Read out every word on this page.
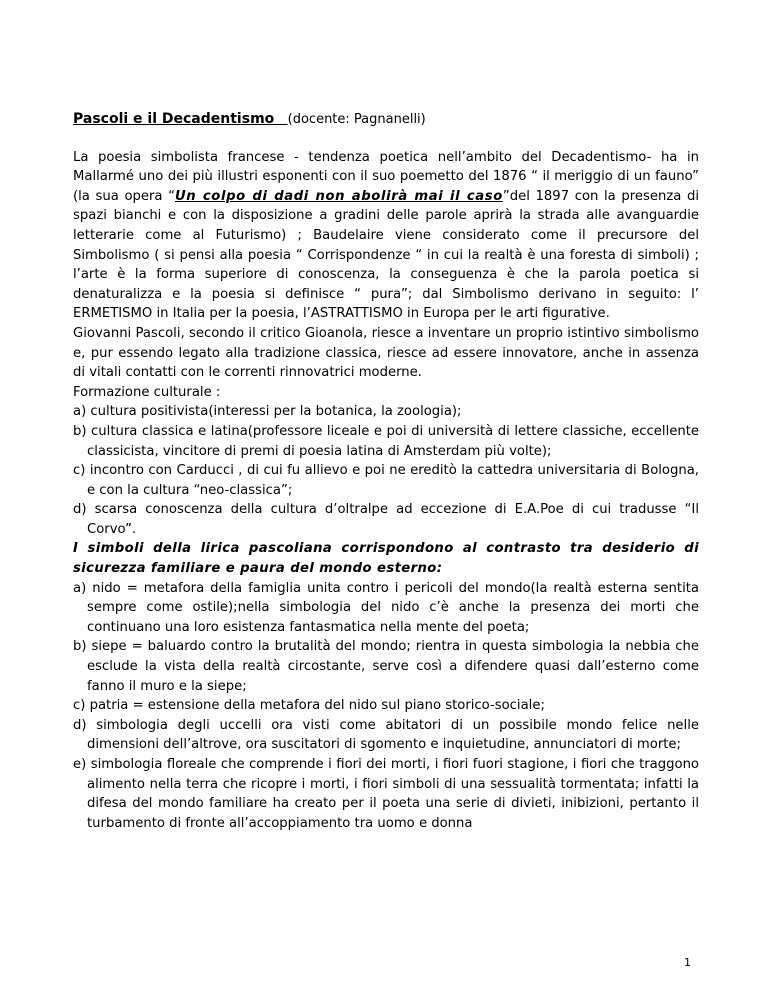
Pascoli e il Decadentismo (docente: Pagnanelli)

La poesia simbolista francese - tendenza poetica nell’ambito del Decadentismo- ha in Mallarmé uno dei più illustri esponenti con il suo poemetto del 1876 “ il meriggio di un fauno” (la sua opera “Un colpo di dadi non abolirà mai il caso”del 1897 con la presenza di spazi bianchi e con la disposizione a gradini delle parole aprirà la strada alle avanguardie letterarie come al Futurismo) ; Baudelaire viene considerato come il precursore del Simbolismo ( si pensi alla poesia “ Corrispondenze “ in cui la realtà è una foresta di simboli) ; l’arte è la forma superiore di conoscenza, la conseguenza è che la parola poetica si denaturalizza e la poesia si definisce “ pura”; dal Simbolismo derivano in seguito: l’ ERMETISMO in Italia per la poesia, l’ASTRATTISMO in Europa per le arti figurative.

Giovanni Pascoli, secondo il critico Gioanola, riesce a inventare un proprio istintivo simbolismo e, pur essendo legato alla tradizione classica, riesce ad essere innovatore, anche in assenza di vitali contatti con le correnti rinnovatrici moderne.

Formazione culturale :

a) cultura positivista(interessi per la botanica, la zoologia);
b) cultura classica e latina(professore liceale e poi di università di lettere classiche, eccellente classicista, vincitore di premi di poesia latina di Amsterdam più volte);
c) incontro con Carducci , di cui fu allievo e poi ne ereditò la cattedra universitaria di Bologna, e con la cultura “neo-classica”;
d) scarsa conoscenza della cultura d’oltralpe ad eccezione di E.A.Poe di cui tradusse “Il Corvo”.

I simboli della lirica pascoliana corrispondono al contrasto tra desiderio di sicurezza familiare e paura del mondo esterno:

a) nido = metafora della famiglia unita contro i pericoli del mondo(la realtà esterna sentita sempre come ostile);nella simbologia del nido c’è anche la presenza dei morti che continuano una loro esistenza fantasmatica nella mente del poeta;
b) siepe = baluardo contro la brutalità del mondo; rientra in questa simbologia la nebbia che esclude la vista della realtà circostante, serve così a difendere quasi dall’esterno come fanno il muro e la siepe;
c) patria = estensione della metafora del nido sul piano storico-sociale;
d) simbologia degli uccelli ora visti come abitatori di un possibile mondo felice nelle dimensioni dell’altrove, ora suscitatori di sgomento e inquietudine, annunciatori di morte;
e) simbologia floreale che comprende i fiori dei morti, i fiori fuori stagione, i fiori che traggono alimento nella terra che ricopre i morti, i fiori simboli di una sessualità tormentata; infatti la difesa del mondo familiare ha creato per il poeta una serie di divieti, inibizioni, pertanto il turbamento di fronte all’accoppiamento tra uomo e donna
1
